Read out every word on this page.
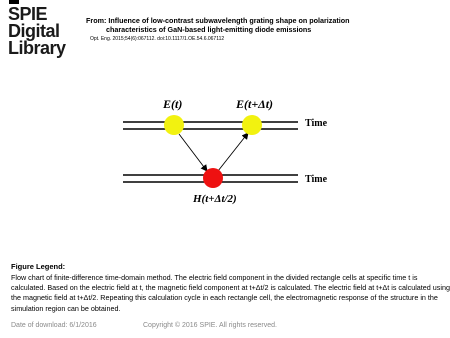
SPIE
Digital
Library
From: Influence of low-contrast subwavelength grating shape on polarization
characteristics of GaN-based light-emitting diode emissions
Opt. Eng. 2015;54(6):067112. doi:10.1117/1.OE.54.6.067112
Time
Time
E(t)	E(t+Δt)
H(t+Δt/2)
Figure Legend:
Flow chart of finite-difference time-domain method. The electric field component in the divided rectangle cells at specific time t is calculated. Based on the electric field at t, the magnetic field component at t+Δt/2 is calculated. The electric field at t+Δt is calculated using the magnetic field at t+Δt/2. Repeating this calculation cycle in each rectangle cell, the electromagnetic response of the structure in the simulation region can be obtained.
Date of download: 6/1/2016	Copyright © 2016 SPIE. All rights reserved.
